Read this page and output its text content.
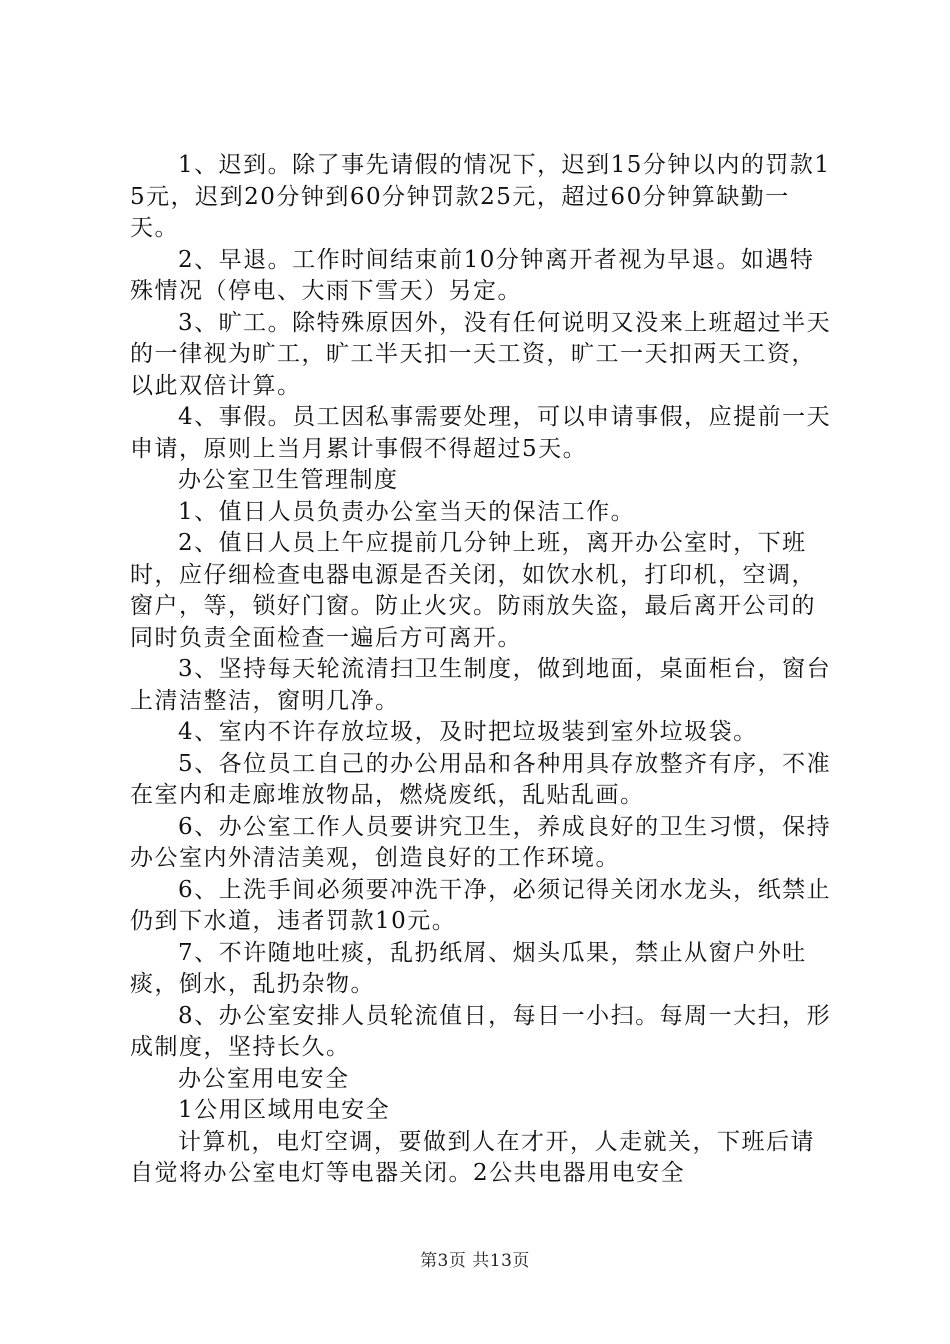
1、迟到。除了事先请假的情况下，迟到15分钟以内的罚款15元，迟到20分钟到60分钟罚款25元，超过60分钟算缺勤一天。

2、早退。工作时间结束前10分钟离开者视为早退。如遇特殊情况（停电、大雨下雪天）另定。

3、旷工。除特殊原因外，没有任何说明又没来上班超过半天的一律视为旷工，旷工半天扣一天工资，旷工一天扣两天工资，以此双倍计算。

4、事假。员工因私事需要处理，可以申请事假，应提前一天申请，原则上当月累计事假不得超过5天。

办公室卫生管理制度

1、值日人员负责办公室当天的保洁工作。

2、值日人员上午应提前几分钟上班，离开办公室时，下班时，应仔细检查电器电源是否关闭，如饮水机，打印机，空调，窗户，等，锁好门窗。防止火灾。防雨放失盗，最后离开公司的同时负责全面检查一遍后方可离开。

3、坚持每天轮流清扫卫生制度，做到地面，桌面柜台，窗台上清洁整洁，窗明几净。

4、室内不许存放垃圾，及时把垃圾装到室外垃圾袋。

5、各位员工自己的办公用品和各种用具存放整齐有序，不准在室内和走廊堆放物品，燃烧废纸，乱贴乱画。

6、办公室工作人员要讲究卫生，养成良好的卫生习惯，保持办公室内外清洁美观，创造良好的工作环境。

6、上洗手间必须要冲洗干净，必须记得关闭水龙头，纸禁止仍到下水道，违者罚款10元。

7、不许随地吐痰，乱扔纸屑、烟头瓜果，禁止从窗户外吐痰，倒水，乱扔杂物。

8、办公室安排人员轮流值日，每日一小扫。每周一大扫，形成制度，坚持长久。

办公室用电安全

1公用区域用电安全

计算机，电灯空调，要做到人在才开，人走就关，下班后请自觉将办公室电灯等电器关闭。2公共电器用电安全

第3页 共13页
